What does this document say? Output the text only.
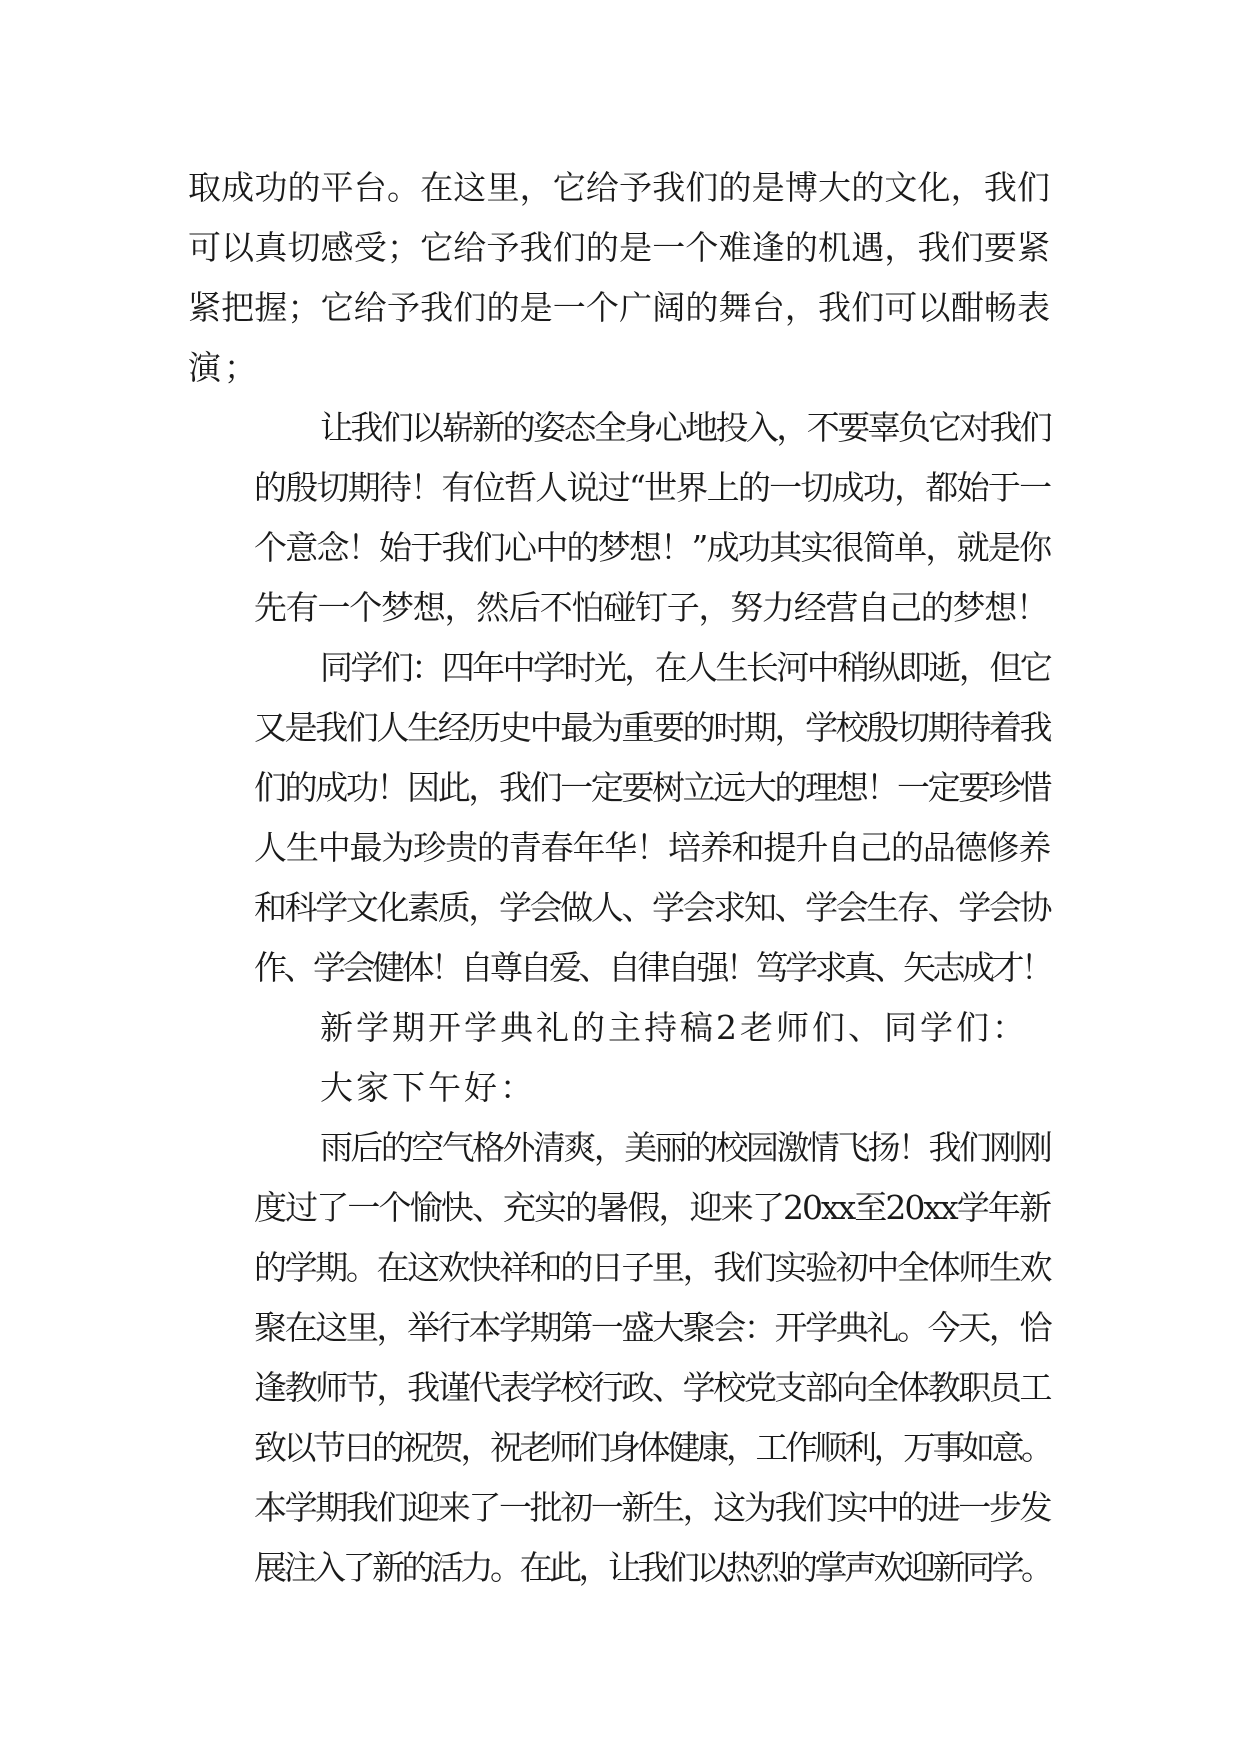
取成功的平台。在这里，它给予我们的是博大的文化，我们
可以真切感受；它给予我们的是一个难逢的机遇，我们要紧
紧把握；它给予我们的是一个广阔的舞台，我们可以酣畅表
演；
让我们以崭新的姿态全身心地投入，不要辜负它对我们
的殷切期待！有位哲人说过“世界上的一切成功，都始于一
个意念！始于我们心中的梦想！”成功其实很简单，就是你
先有一个梦想，然后不怕碰钉子，努力经营自己的梦想！
同学们：四年中学时光，在人生长河中稍纵即逝，但它
又是我们人生经历史中最为重要的时期，学校殷切期待着我
们的成功！因此，我们一定要树立远大的理想！一定要珍惜
人生中最为珍贵的青春年华！培养和提升自己的品德修养
和科学文化素质，学会做人、学会求知、学会生存、学会协
作、学会健体！自尊自爱、自律自强！笃学求真、矢志成才！
新学期开学典礼的主持稿2老师们、同学们：
大家下午好：
雨后的空气格外清爽，美丽的校园激情飞扬！我们刚刚
度过了一个愉快、充实的暑假，迎来了20xx至20xx学年新
的学期。在这欢快祥和的日子里，我们实验初中全体师生欢
聚在这里，举行本学期第一盛大聚会：开学典礼。今天，恰
逢教师节，我谨代表学校行政、学校党支部向全体教职员工
致以节日的祝贺，祝老师们身体健康，工作顺利，万事如意。
本学期我们迎来了一批初一新生，这为我们实中的进一步发
展注入了新的活力。在此，让我们以热烈的掌声欢迎新同学。
